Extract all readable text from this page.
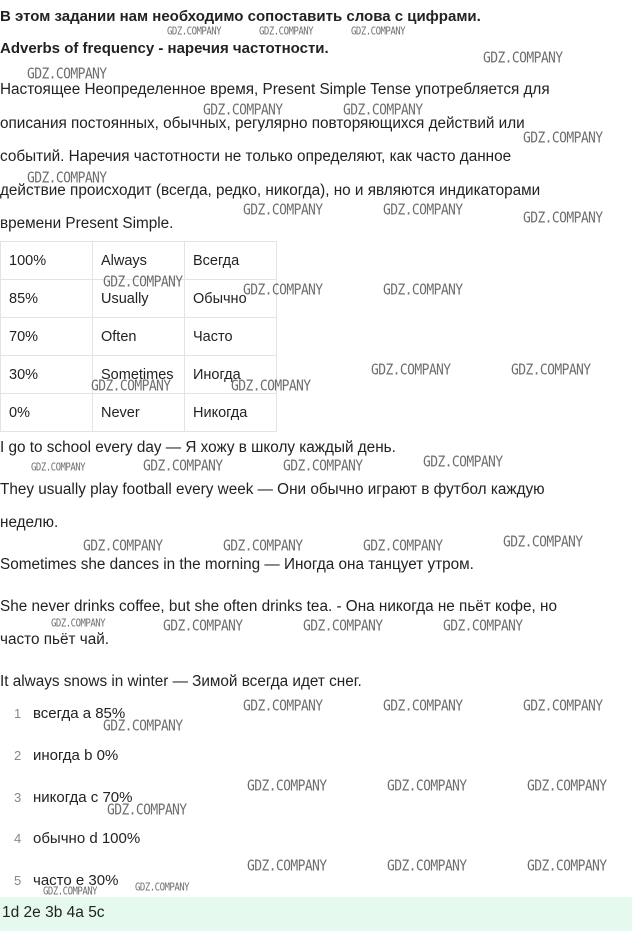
В этом задании нам необходимо сопоставить слова с цифрами.
Adverbs of frequency - наречия частотности.
Настоящее Неопределенное время, Present Simple Tense употребляется для
описания постоянных, обычных, регулярно повторяющихся действий или
событий. Наречия частотности не только определяют, как часто данное
действие происходит (всегда, редко, никогда), но и являются индикаторами
времени Present Simple.
100%	Always	Всегда
85%	Usually	Обычно
70%	Often	Часто
30%	Sometimes	Иногда
0%	Never	Никогда
I go to school every day — Я хожу в школу каждый день.
They usually play football every week — Они обычно играют в футбол каждую
неделю.
Sometimes she dances in the morning — Иногда она танцует утром.
She never drinks coffee, but she often drinks tea. - Она никогда не пьёт кофе, но
часто пьёт чай.
It always snows in winter — Зимой всегда идет снег.
1 всегда a 85%
2 иногда b 0%
3 никогда c 70%
4 обычно d 100%
5 часто e 30%
1d 2e 3b 4a 5c
GDZ.COMPANY	GDZ.COMPANY	GDZ.COMPANY
GDZ.COMPANY
GDZ.COMPANY
GDZ.COMPANY	GDZ.COMPANY
GDZ.COMPANY
GDZ.COMPANY
GDZ.COMPANY	GDZ.COMPANY	GDZ.COMPANY
GDZ.COMPANY	GDZ.COMPANY	GDZ.COMPANY
GDZ.COMPANY	GDZ.COMPANY
GDZ.COMPANY	GDZ.COMPANY
GDZ.COMPANY	GDZ.COMPANY	GDZ.COMPANY	GDZ.COMPANY
GDZ.COMPANY	GDZ.COMPANY	GDZ.COMPANY	GDZ.COMPANY
GDZ.COMPANY	GDZ.COMPANY	GDZ.COMPANY	GDZ.COMPANY
GDZ.COMPANY	GDZ.COMPANY	GDZ.COMPANY
GDZ.COMPANY
GDZ.COMPANY	GDZ.COMPANY	GDZ.COMPANY
GDZ.COMPANY
GDZ.COMPANY	GDZ.COMPANY	GDZ.COMPANY
GDZ.COMPANY	GDZ.COMPANY
